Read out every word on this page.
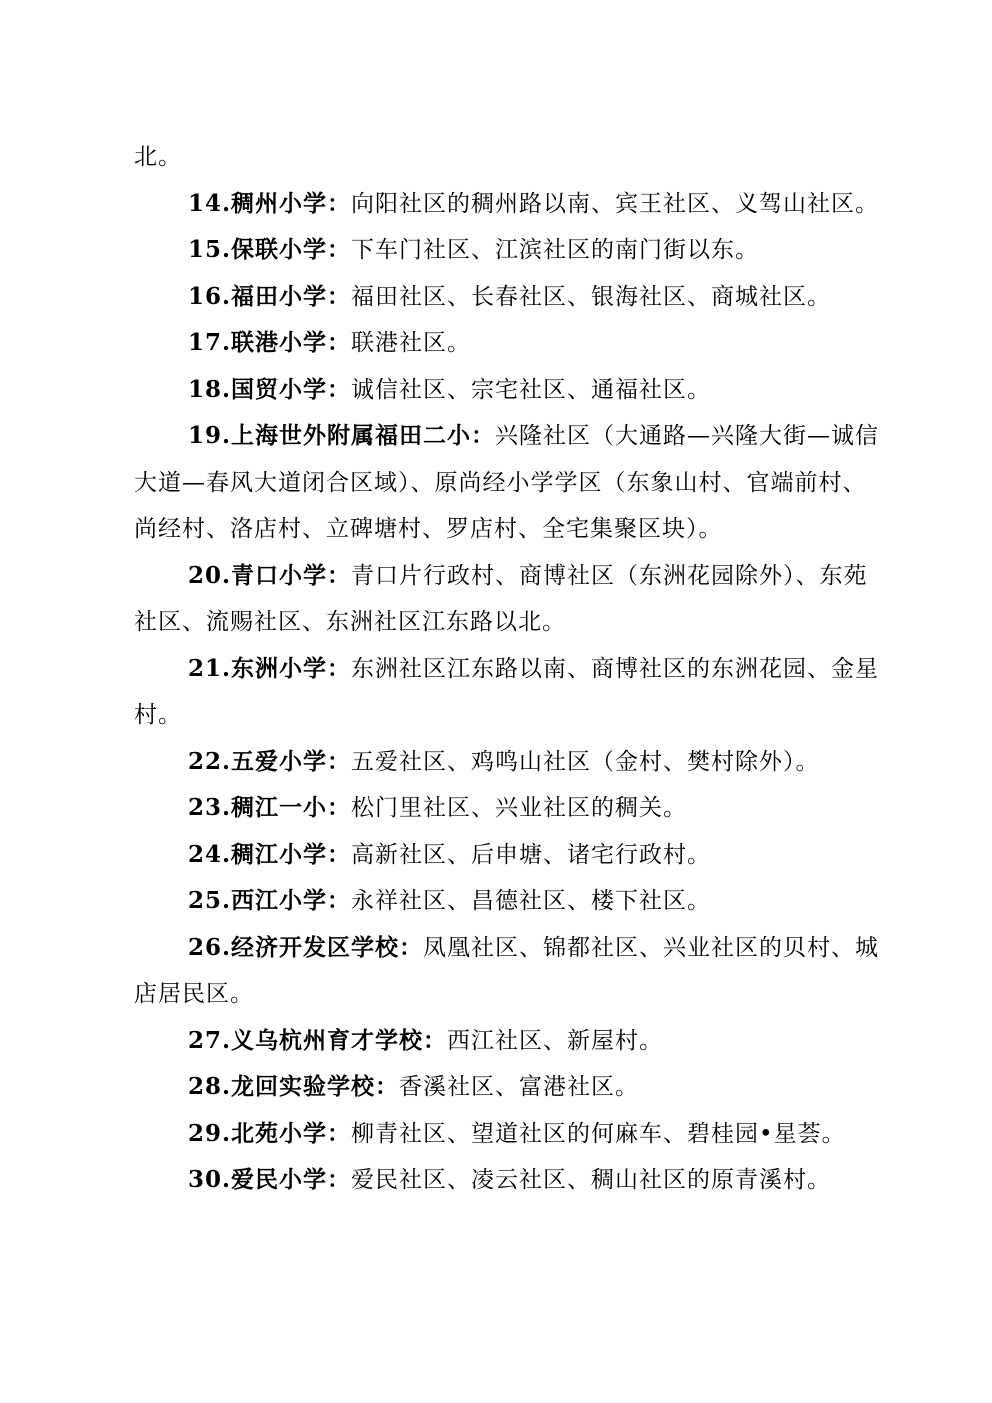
北。

14.稠州小学：向阳社区的稠州路以南、宾王社区、义驾山社区。

15.保联小学：下车门社区、江滨社区的南门街以东。

16.福田小学：福田社区、长春社区、银海社区、商城社区。

17.联港小学：联港社区。

18.国贸小学：诚信社区、宗宅社区、通福社区。

19.上海世外附属福田二小：兴隆社区（大通路—兴隆大街—诚信大道—春风大道闭合区域）、原尚经小学学区（东象山村、官端前村、尚经村、洛店村、立碑塘村、罗店村、全宅集聚区块）。

20.青口小学：青口片行政村、商博社区（东洲花园除外）、东苑社区、流赐社区、东洲社区江东路以北。

21.东洲小学：东洲社区江东路以南、商博社区的东洲花园、金星村。

22.五爱小学：五爱社区、鸡鸣山社区（金村、樊村除外）。

23.稠江一小：松门里社区、兴业社区的稠关。

24.稠江小学：高新社区、后申塘、诸宅行政村。

25.西江小学：永祥社区、昌德社区、楼下社区。

26.经济开发区学校：凤凰社区、锦都社区、兴业社区的贝村、城店居民区。

27.义乌杭州育才学校：西江社区、新屋村。

28.龙回实验学校：香溪社区、富港社区。

29.北苑小学：柳青社区、望道社区的何麻车、碧桂园•星荟。

30.爱民小学：爱民社区、凌云社区、稠山社区的原青溪村。
